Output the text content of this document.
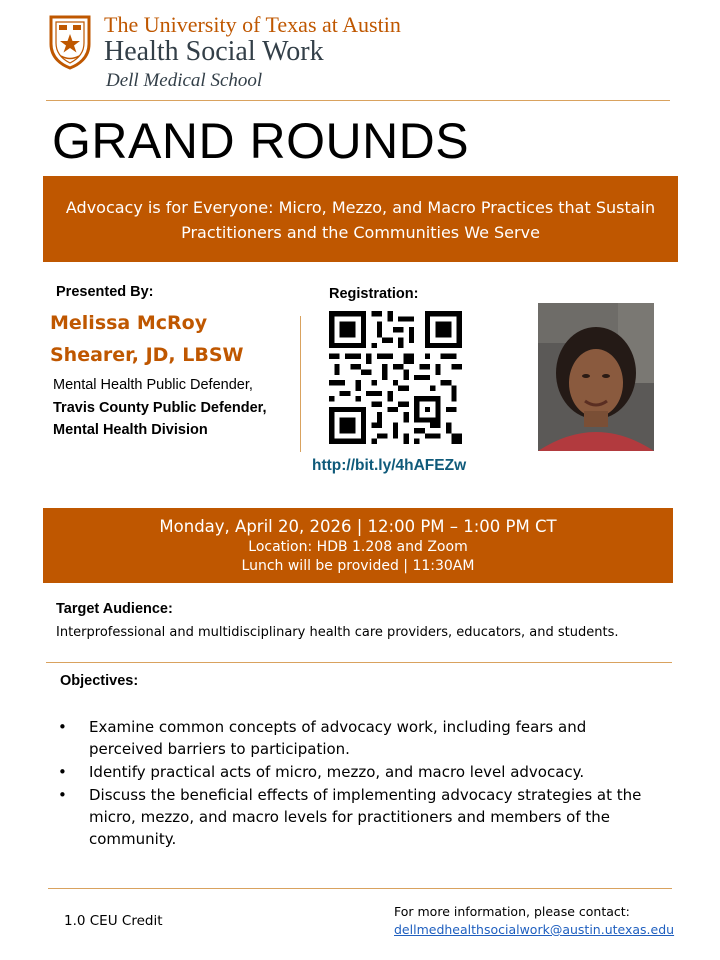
The University of Texas at Austin
Health Social Work
Dell Medical School
GRAND ROUNDS
Advocacy is for Everyone: Micro, Mezzo, and Macro Practices that Sustain Practitioners and the Communities We Serve
Presented By:
Melissa McRoy
Shearer, JD, LBSW
Mental Health Public Defender, Travis County Public Defender, Mental Health Division
Registration:
http://bit.ly/4hAFEZw
Monday, April 20, 2026 | 12:00 PM – 1:00 PM CT
Location: HDB 1.208 and Zoom
Lunch will be provided | 11:30AM
Target Audience:
Interprofessional and multidisciplinary health care providers, educators, and students.
Objectives:
• Examine common concepts of advocacy work, including fears and perceived barriers to participation.
• Identify practical acts of micro, mezzo, and macro level advocacy.
• Discuss the beneficial effects of implementing advocacy strategies at the micro, mezzo, and macro levels for practitioners and members of the community.
1.0 CEU Credit
For more information, please contact:
dellmedhealthsocialwork@austin.utexas.edu
